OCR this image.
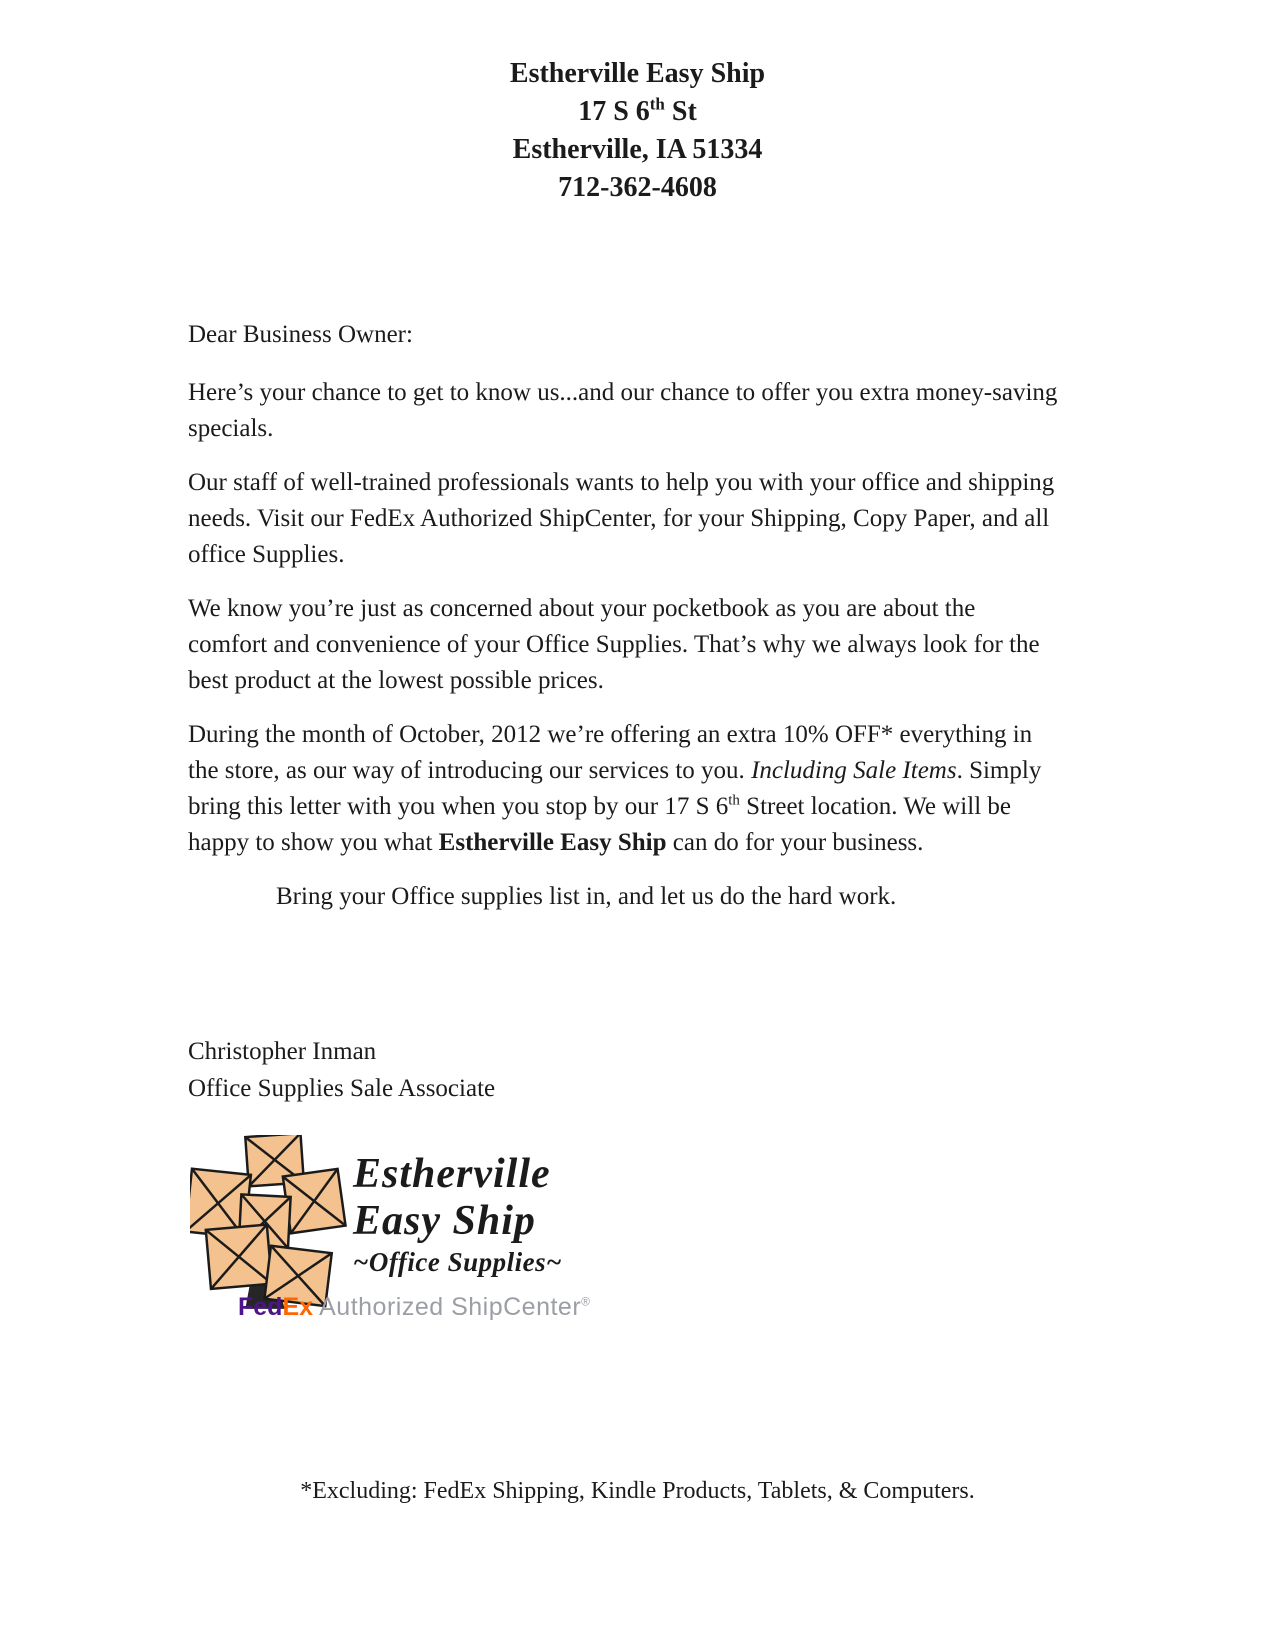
Estherville Easy Ship
17 S 6th St
Estherville, IA 51334
712-362-4608

Dear Business Owner:

Here’s your chance to get to know us...and our chance to offer you extra money-saving specials.

Our staff of well-trained professionals wants to help you with your office and shipping needs. Visit our FedEx Authorized ShipCenter, for your Shipping, Copy Paper, and all office Supplies.

We know you’re just as concerned about your pocketbook as you are about the comfort and convenience of your Office Supplies. That’s why we always look for the best product at the lowest possible prices.

During the month of October, 2012 we’re offering an extra 10% OFF* everything in the store, as our way of introducing our services to you. Including Sale Items. Simply bring this letter with you when you stop by our 17 S 6th Street location. We will be happy to show you what Estherville Easy Ship can do for your business.

Bring your Office supplies list in, and let us do the hard work.

Christopher Inman
Office Supplies Sale Associate
Estherville
Easy Ship
~Office Supplies~
FedEx Authorized ShipCenter®
*Excluding: FedEx Shipping, Kindle Products, Tablets, & Computers.
